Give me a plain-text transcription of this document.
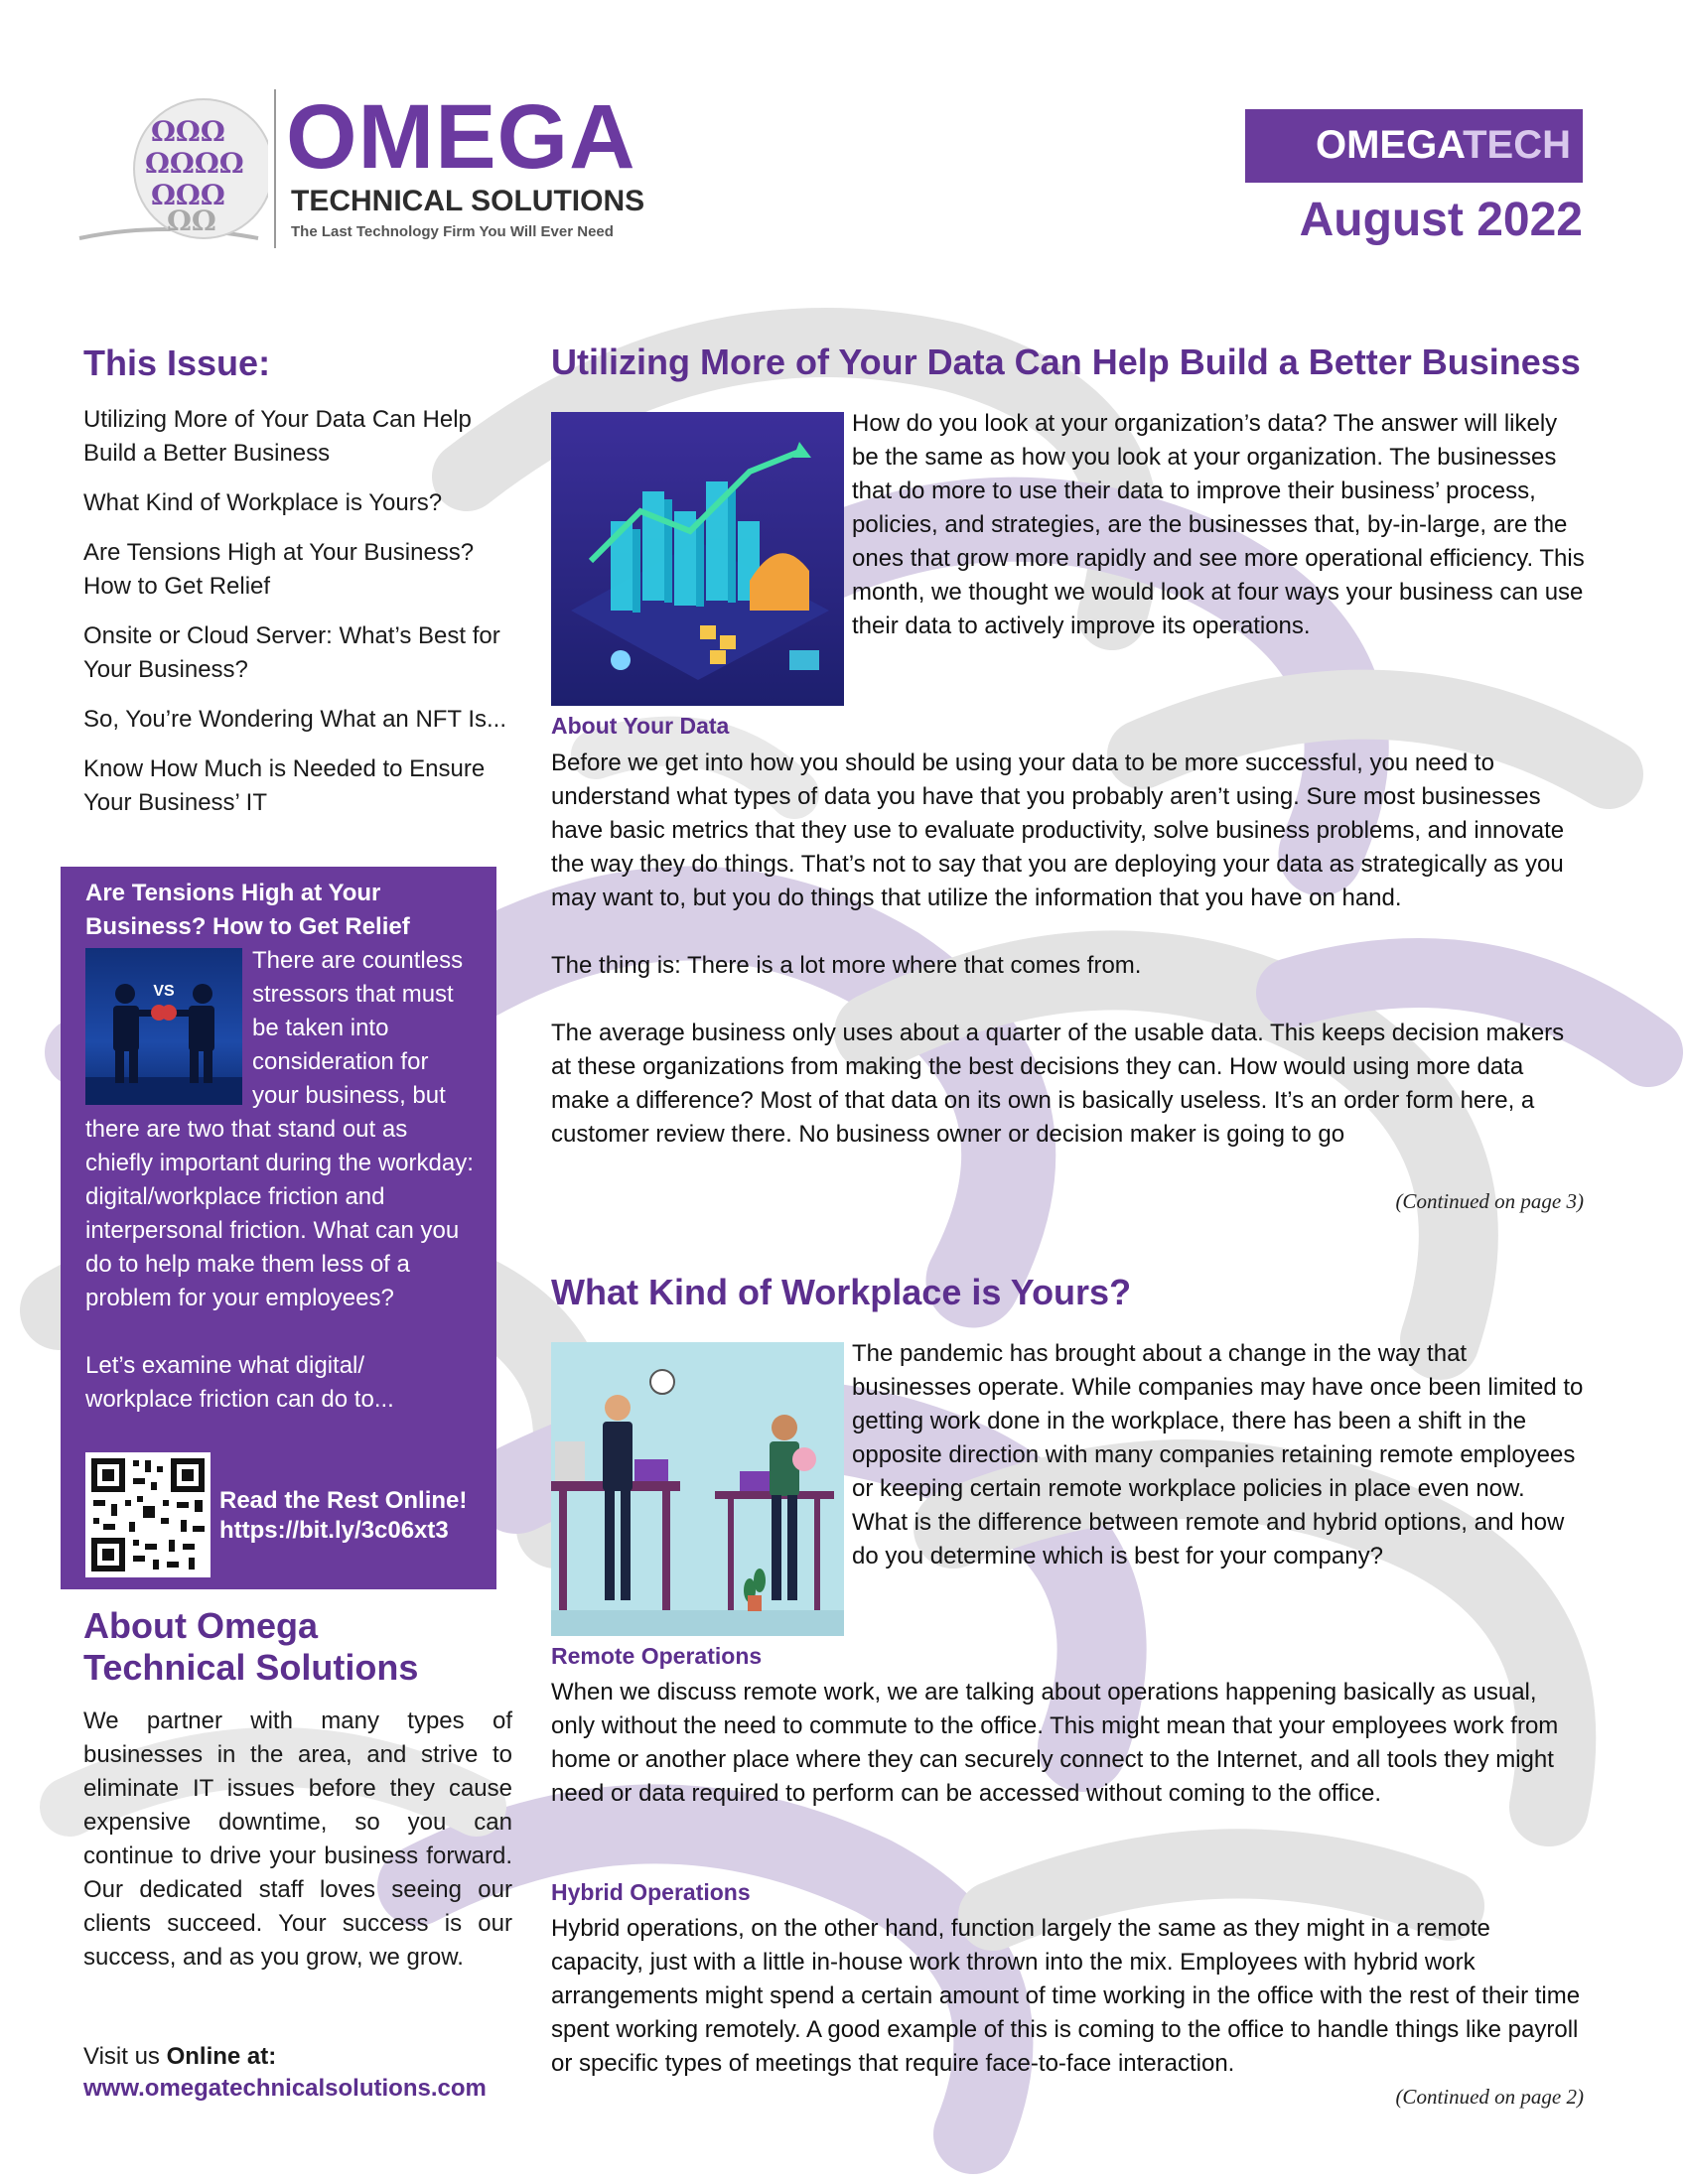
ΩΩΩ
ΩΩΩΩ
ΩΩΩ
ΩΩ
OMEGA
TECHNICAL SOLUTIONS
The Last Technology Firm You Will Ever Need
OMEGATECH
August 2022
This Issue:
Utilizing More of Your Data Can Help Build a Better Business
What Kind of Workplace is Yours?
Are Tensions High at Your Business? How to Get Relief
Onsite or Cloud Server: What’s Best for Your Business?
So, You’re Wondering What an NFT Is...
Know How Much is Needed to Ensure Your Business’ IT
Are Tensions High at Your Business? How to Get Relief
VS

There are countless stressors that must be taken into consideration for your business, but there are two that stand out as chiefly important during the workday: digital/workplace friction and interpersonal friction. What can you do to help make them less of a problem for your employees?

Let’s examine what digital/ workplace friction can do to...

Read the Rest Online!
https://bit.ly/3c06xt3
About Omega Technical Solutions
We partner with many types of businesses in the area, and strive to eliminate IT issues before they cause expensive downtime, so you can continue to drive your business forward. Our dedicated staff loves seeing our clients succeed. Your success is our success, and as you grow, we grow.
Visit us Online at:
www.omegatechnicalsolutions.com
Utilizing More of Your Data Can Help Build a Better Business
How do you look at your organization’s data? The answer will likely be the same as how you look at your organization. The businesses that do more to use their data to improve their business’ process, policies, and strategies, are the businesses that, by-in-large, are the ones that grow more rapidly and see more operational efficiency. This month, we thought we would look at four ways your business can use their data to actively improve its operations.
About Your Data

Before we get into how you should be using your data to be more successful, you need to understand what types of data you have that you probably aren’t using. Sure most businesses have basic metrics that they use to evaluate productivity, solve business problems, and innovate the way they do things. That’s not to say that you are deploying your data as strategically as you may want to, but you do things that utilize the information that you have on hand.

The thing is: There is a lot more where that comes from.

The average business only uses about a quarter of the usable data. This keeps decision makers at these organizations from making the best decisions they can. How would using more data make a difference? Most of that data on its own is basically useless. It’s an order form here, a customer review there. No business owner or decision maker is going to go

(Continued on page 3)
What Kind of Workplace is Yours?
The pandemic has brought about a change in the way that businesses operate. While companies may have once been limited to getting work done in the workplace, there has been a shift in the opposite direction with many companies retaining remote employees or keeping certain remote workplace policies in place even now. What is the difference between remote and hybrid options, and how do you determine which is best for your company?
Remote Operations
When we discuss remote work, we are talking about operations happening basically as usual, only without the need to commute to the office. This might mean that your employees work from home or another place where they can securely connect to the Internet, and all tools they might need or data required to perform can be accessed without coming to the office.
Hybrid Operations
Hybrid operations, on the other hand, function largely the same as they might in a remote capacity, just with a little in-house work thrown into the mix. Employees with hybrid work arrangements might spend a certain amount of time working in the office with the rest of their time spent working remotely. A good example of this is coming to the office to handle things like payroll or specific types of meetings that require face-to-face interaction.
(Continued on page 2)
